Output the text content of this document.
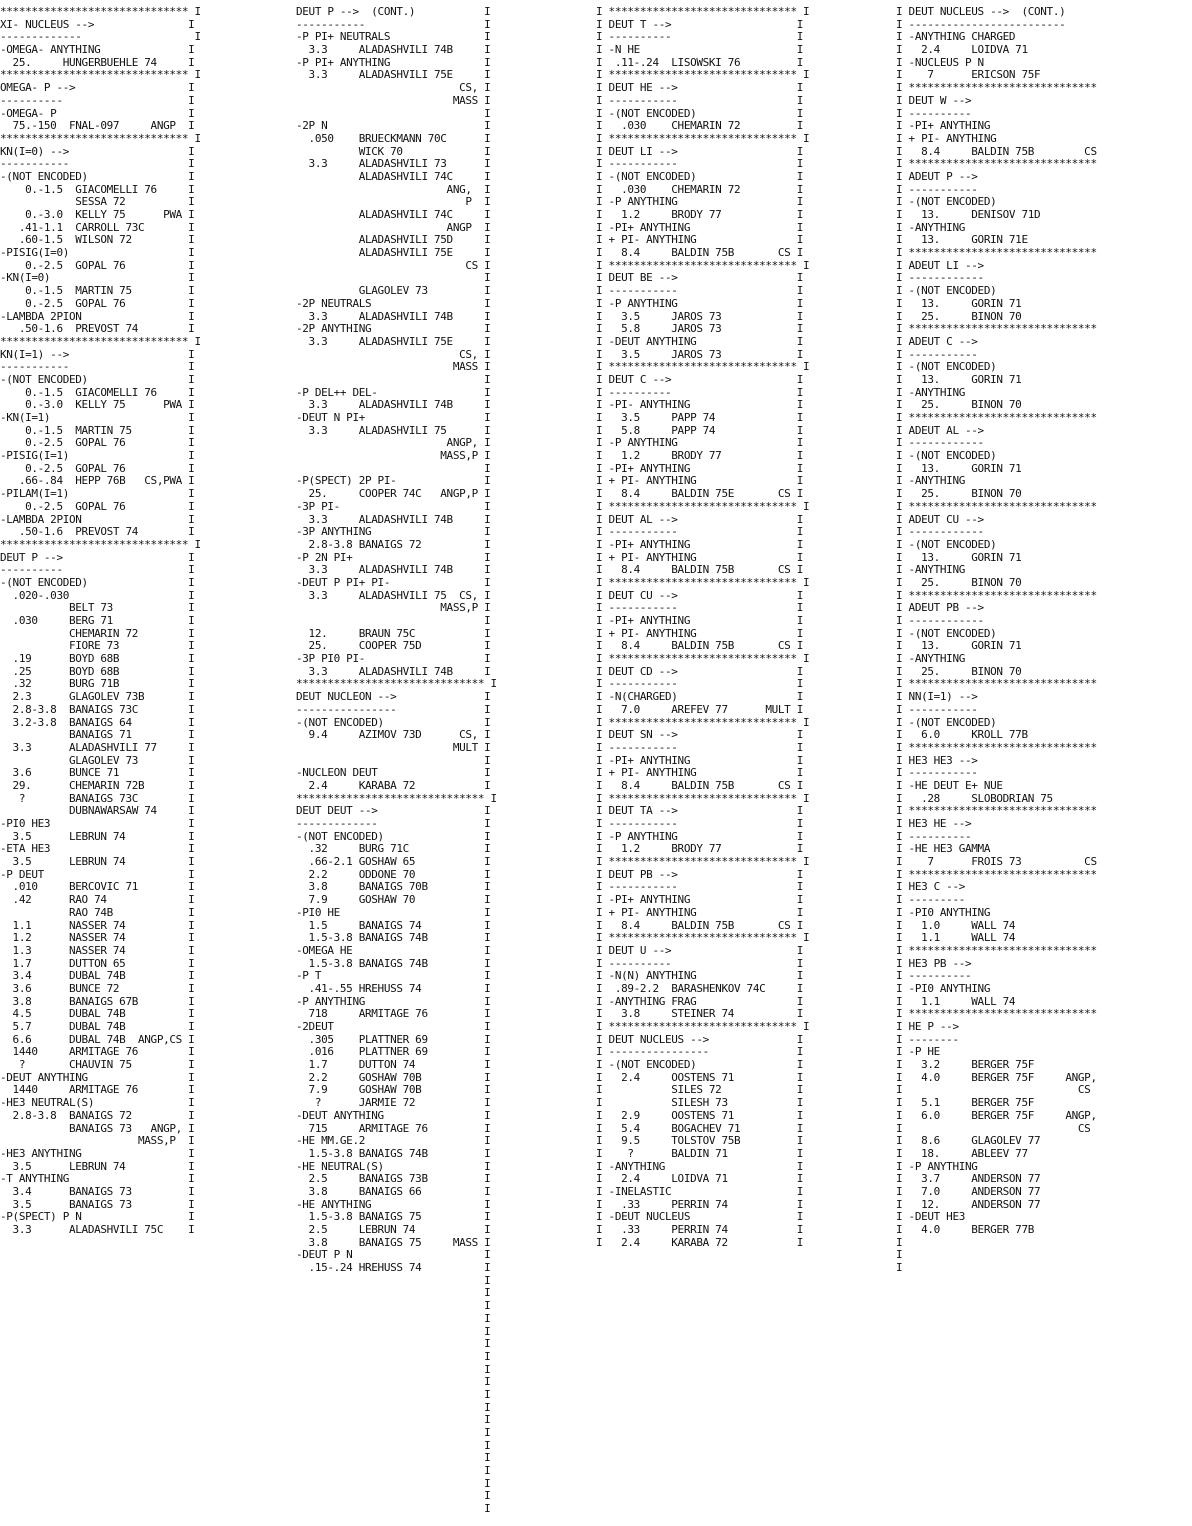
****************************** I
XI- NUCLEUS -->               I
-------------                  I
-OMEGA- ANYTHING              I
25.     HUNGERBUEHLE 74     I
****************************** I
OMEGA- P -->                  I
----------                    I
-OMEGA- P                     I
75.-150  FNAL-097     ANGP  I
****************************** I
KN(I=0) -->                   I
-----------                   I
-(NOT ENCODED)                I
0.-1.5  GIACOMELLI 76     I
SESSA 72          I
0.-3.0  KELLY 75      PWA I
.41-1.1  CARROLL 73C       I
.60-1.5  WILSON 72         I
-PISIG(I=0)                   I
0.-2.5  GOPAL 76          I
-KN(I=0)                      I
0.-1.5  MARTIN 75         I
0.-2.5  GOPAL 76          I
-LAMBDA 2PION                 I
.50-1.6  PREVOST 74        I
****************************** I
KN(I=1) -->                   I
-----------                   I
-(NOT ENCODED)                I
0.-1.5  GIACOMELLI 76     I
0.-3.0  KELLY 75      PWA I
-KN(I=1)                      I
0.-1.5  MARTIN 75         I
0.-2.5  GOPAL 76          I
-PISIG(I=1)                   I
0.-2.5  GOPAL 76          I
.66-.84  HEPP 76B   CS,PWA I
-PILAM(I=1)                   I
0.-2.5  GOPAL 76          I
-LAMBDA 2PION                 I
.50-1.6  PREVOST 74        I
****************************** I
DEUT P -->                    I
----------                    I
-(NOT ENCODED)                I
.020-.030                   I
BELT 73            I
.030     BERG 71            I
CHEMARIN 72        I
FIORE 73           I
.19      BOYD 68B           I
.25      BOYD 68B           I
.32      BURG 71B           I
2.3      GLAGOLEV 73B       I
2.8-3.8  BANAIGS 73C        I
3.2-3.8  BANAIGS 64         I
BANAIGS 71         I
3.3      ALADASHVILI 77     I
GLAGOLEV 73        I
3.6      BUNCE 71           I
29.      CHEMARIN 72B       I
?       BANAIGS 73C        I
DUBNAWARSAW 74     I
-PI0 HE3                      I
3.5      LEBRUN 74          I
-ETA HE3                      I
3.5      LEBRUN 74          I
-P DEUT                       I
.010     BERCOVIC 71        I
.42      RAO 74             I
RAO 74B            I
1.1      NASSER 74          I
1.2      NASSER 74          I
1.3      NASSER 74          I
1.7      DUTTON 65          I
3.4      DUBAL 74B          I
3.6      BUNCE 72           I
3.8      BANAIGS 67B        I
4.5      DUBAL 74B          I
5.7      DUBAL 74B          I
6.6      DUBAL 74B  ANGP,CS I
1440     ARMITAGE 76        I
?       CHAUVIN 75         I
-DEUT ANYTHING                I
1440     ARMITAGE 76        I
-HE3 NEUTRAL(S)               I
2.8-3.8  BANAIGS 72         I
BANAIGS 73   ANGP, I
MASS,P  I
-HE3 ANYTHING                 I
3.5      LEBRUN 74          I
-T ANYTHING                   I
3.4      BANAIGS 73         I
3.5      BANAIGS 73         I
-P(SPECT) P N                 I
3.3      ALADASHVILI 75C    I
DEUT P -->  (CONT.)           I
-----------                   I
-P PI+ NEUTRALS               I
3.3     ALADASHVILI 74B     I
-P PI+ ANYTHING               I
3.3     ALADASHVILI 75E     I
CS, I
MASS I
I
-2P N                         I
.050    BRUECKMANN 70C      I
WICK 70             I
3.3     ALADASHVILI 73      I
ALADASHVILI 74C     I
ANG,  I
P  I
ALADASHVILI 74C     I
ANGP  I
ALADASHVILI 75D     I
ALADASHVILI 75E     I
CS I
I
GLAGOLEV 73         I
-2P NEUTRALS                  I
3.3     ALADASHVILI 74B     I
-2P ANYTHING                  I
3.3     ALADASHVILI 75E     I
CS, I
MASS I
I
-P DEL++ DEL-                 I
3.3     ALADASHVILI 74B     I
-DEUT N PI+                   I
3.3     ALADASHVILI 75      I
ANGP, I
MASS,P I
I
-P(SPECT) 2P PI-              I
25.     COOPER 74C   ANGP,P I
-3P PI-                       I
3.3     ALADASHVILI 74B     I
-3P ANYTHING                  I
2.8-3.8 BANAIGS 72          I
-P 2N PI+                     I
3.3     ALADASHVILI 74B     I
-DEUT P PI+ PI-               I
3.3     ALADASHVILI 75  CS, I
MASS,P I
I
12.     BRAUN 75C           I
25.     COOPER 75D          I
-3P PI0 PI-                   I
3.3     ALADASHVILI 74B     I
****************************** I
DEUT NUCLEON -->              I
----------------              I
-(NOT ENCODED)                I
9.4     AZIMOV 73D      CS, I
MULT I
I
-NUCLEON DEUT                 I
2.4     KARABA 72           I
****************************** I
DEUT DEUT -->                 I
-------------                 I
-(NOT ENCODED)                I
.32     BURG 71C            I
.66-2.1 GOSHAW 65           I
2.2     ODDONE 70           I
3.8     BANAIGS 70B         I
7.9     GOSHAW 70           I
-PI0 HE                       I
1.5     BANAIGS 74          I
1.5-3.8 BANAIGS 74B         I
-OMEGA HE                     I
1.5-3.8 BANAIGS 74B         I
-P T                          I
.41-.55 HREHUSS 74          I
-P ANYTHING                   I
718     ARMITAGE 76         I
-2DEUT                        I
.305    PLATTNER 69         I
.016    PLATTNER 69         I
1.7     DUTTON 74           I
2.2     GOSHAW 70B          I
7.9     GOSHAW 70B          I
?      JARMIE 72           I
-DEUT ANYTHING                I
715     ARMITAGE 76         I
-HE MM.GE.2                   I
1.5-3.8 BANAIGS 74B         I
-HE NEUTRAL(S)                I
2.5     BANAIGS 73B         I
3.8     BANAIGS 66          I
-HE ANYTHING                  I
1.5-3.8 BANAIGS 75          I
2.5     LEBRUN 74           I
3.8     BANAIGS 75     MASS I
-DEUT P N                     I
.15-.24 HREHUSS 74          I
I
I
I
I
I
I
I
I
I
I
I
I
I
I
I
I
I
I
I
I ****************************** I
I DEUT T -->                    I
I ----------                    I
I -N HE                         I
I  .11-.24  LISOWSKI 76         I
I ****************************** I
I DEUT HE -->                   I
I -----------                   I
I -(NOT ENCODED)                I
I   .030    CHEMARIN 72         I
I ****************************** I
I DEUT LI -->                   I
I -----------                   I
I -(NOT ENCODED)                I
I   .030    CHEMARIN 72         I
I -P ANYTHING                   I
I   1.2     BRODY 77            I
I -PI+ ANYTHING                 I
I + PI- ANYTHING                I
I   8.4     BALDIN 75B       CS I
I ****************************** I
I DEUT BE -->                   I
I -----------                   I
I -P ANYTHING                   I
I   3.5     JAROS 73            I
I   5.8     JAROS 73            I
I -DEUT ANYTHING                I
I   3.5     JAROS 73            I
I ****************************** I
I DEUT C -->                    I
I ----------                    I
I -PI- ANYTHING                 I
I   3.5     PAPP 74             I
I   5.8     PAPP 74             I
I -P ANYTHING                   I
I   1.2     BRODY 77            I
I -PI+ ANYTHING                 I
I + PI- ANYTHING                I
I   8.4     BALDIN 75E       CS I
I ****************************** I
I DEUT AL -->                   I
I -----------                   I
I -PI+ ANYTHING                 I
I + PI- ANYTHING                I
I   8.4     BALDIN 75B       CS I
I ****************************** I
I DEUT CU -->                   I
I -----------                   I
I -PI+ ANYTHING                 I
I + PI- ANYTHING                I
I   8.4     BALDIN 75B       CS I
I ****************************** I
I DEUT CD -->                   I
I -----------                   I
I -N(CHARGED)                   I
I   7.0     AREFEV 77      MULT I
I ****************************** I
I DEUT SN -->                   I
I -----------                   I
I -PI+ ANYTHING                 I
I + PI- ANYTHING                I
I   8.4     BALDIN 75B       CS I
I ****************************** I
I DEUT TA -->                   I
I -----------                   I
I -P ANYTHING                   I
I   1.2     BRODY 77            I
I ****************************** I
I DEUT PB -->                   I
I -----------                   I
I -PI+ ANYTHING                 I
I + PI- ANYTHING                I
I   8.4     BALDIN 75B       CS I
I ****************************** I
I DEUT U -->                    I
I ----------                    I
I -N(N) ANYTHING                I
I  .89-2.2  BARASHENKOV 74C     I
I -ANYTHING FRAG                I
I   3.8     STEINER 74          I
I ****************************** I
I DEUT NUCLEUS -->              I
I ----------------              I
I -(NOT ENCODED)                I
I   2.4     OOSTENS 71          I
I           SILES 72            I
I           SILESH 73           I
I   2.9     OOSTENS 71          I
I   5.4     BOGACHEV 71         I
I   9.5     TOLSTOV 75B         I
I    ?      BALDIN 71           I
I -ANYTHING                     I
I   2.4     LOIDVA 71           I
I -INELASTIC                    I
I   .33     PERRIN 74           I
I -DEUT NUCLEUS                 I
I   .33     PERRIN 74           I
I   2.4     KARABA 72           I
I DEUT NUCLEUS -->  (CONT.)
I -------------------------
I -ANYTHING CHARGED
I   2.4     LOIDVA 71
I -NUCLEUS P N
I    7      ERICSON 75F
I ******************************
I DEUT W -->
I ----------
I -PI+ ANYTHING
I + PI- ANYTHING
I   8.4     BALDIN 75B        CS
I ******************************
I ADEUT P -->
I -----------
I -(NOT ENCODED)
I   13.     DENISOV 71D
I -ANYTHING
I   13.     GORIN 71E
I ******************************
I ADEUT LI -->
I ------------
I -(NOT ENCODED)
I   13.     GORIN 71
I   25.     BINON 70
I ******************************
I ADEUT C -->
I -----------
I -(NOT ENCODED)
I   13.     GORIN 71
I -ANYTHING
I   25.     BINON 70
I ******************************
I ADEUT AL -->
I ------------
I -(NOT ENCODED)
I   13.     GORIN 71
I -ANYTHING
I   25.     BINON 70
I ******************************
I ADEUT CU -->
I ------------
I -(NOT ENCODED)
I   13.     GORIN 71
I -ANYTHING
I   25.     BINON 70
I ******************************
I ADEUT PB -->
I ------------
I -(NOT ENCODED)
I   13.     GORIN 71
I -ANYTHING
I   25.     BINON 70
I ******************************
I NN(I=1) -->
I -----------
I -(NOT ENCODED)
I   6.0     KROLL 77B
I ******************************
I HE3 HE3 -->
I -----------
I -HE DEUT E+ NUE
I   .28     SLOBODRIAN 75
I ******************************
I HE3 HE -->
I ----------
I -HE HE3 GAMMA
I    7      FROIS 73          CS
I ******************************
I HE3 C -->
I ---------
I -PI0 ANYTHING
I   1.0     WALL 74
I   1.1     WALL 74
I ******************************
I HE3 PB -->
I ----------
I -PI0 ANYTHING
I   1.1     WALL 74
I ******************************
I HE P -->
I --------
I -P HE
I   3.2     BERGER 75F
I   4.0     BERGER 75F     ANGP,
I                            CS
I   5.1     BERGER 75F
I   6.0     BERGER 75F     ANGP,
I                            CS
I   8.6     GLAGOLEV 77
I   18.     ABLEEV 77
I -P ANYTHING
I   3.7     ANDERSON 77
I   7.0     ANDERSON 77
I   12.     ANDERSON 77
I -DEUT HE3
I   4.0     BERGER 77B
I
I
I
